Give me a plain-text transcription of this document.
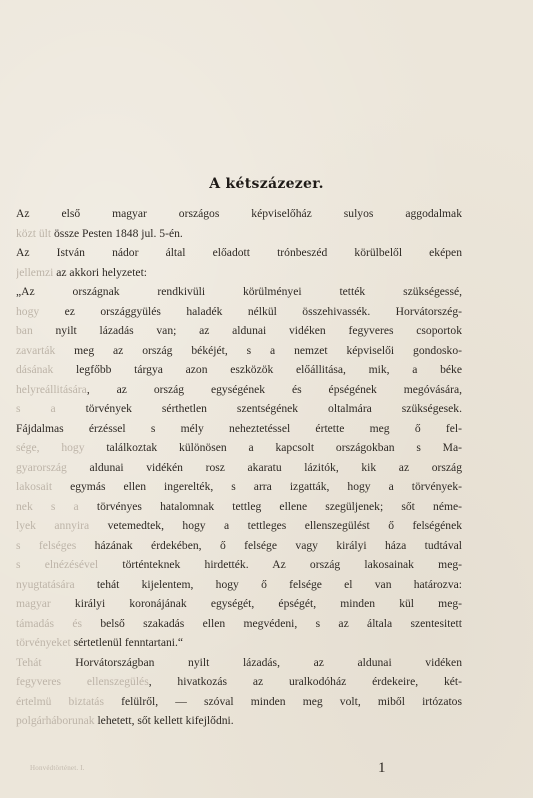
A kétszázezer.
Az első magyar országos képviselőház sulyos aggodalmak
közt ült össze Pesten 1848 jul. 5-én.
Az István nádor által előadott trónbeszéd körülbelől eképen
jellemzi az akkori helyzetet:
„Az országnak rendkivüli körülményei tették szükségessé,
hogy ez országgyülés haladék nélkül összehivassék. Horvátorszég-
ban nyilt lázadás van; az aldunai vidéken fegyveres csoportok
zavarták meg az ország békéjét, s a nemzet képviselői gondosko-
dásának legfőbb tárgya azon eszközök előállitása, mik, a béke
helyreállitására, az ország egységének és épségének megóvására,
s a törvények sérthetlen szentségének oltalmára szükségesek.
Fájdalmas érzéssel s mély neheztetéssel értette meg ő fel-
sége, hogy találkoztak különösen a kapcsolt országokban s Ma-
gyarország aldunai vidékén rosz akaratu lázitók, kik az ország
lakosait egymás ellen ingerelték, s arra izgatták, hogy a törvények-
nek s a törvényes hatalomnak tettleg ellene szegüljenek; sőt néme-
lyek annyira vetemedtek, hogy a tettleges ellenszegülést ő felségének
s felséges házának érdekében, ő felsége vagy királyi háza tudtával
s elnézésével történteknek hirdették. Az ország lakosainak meg-
nyugtatására tehát kijelentem, hogy ő felsége el van határozva:
magyar királyi koronájának egységét, épségét, minden kül meg-
támadás és belső szakadás ellen megvédeni, s az általa szentesitett
törvényeket sértetlenül fenntartani.“
Tehát Horvátországban nyilt lázadás, az aldunai vidéken
fegyveres ellenszegülés, hivatkozás az uralkodóház érdekeire, két-
értelmü biztatás felülről, — szóval minden meg volt, miből irtózatos
polgárháborunak lehetett, sőt kellett kifejlődni.
Honvédtörténet. I.	1
